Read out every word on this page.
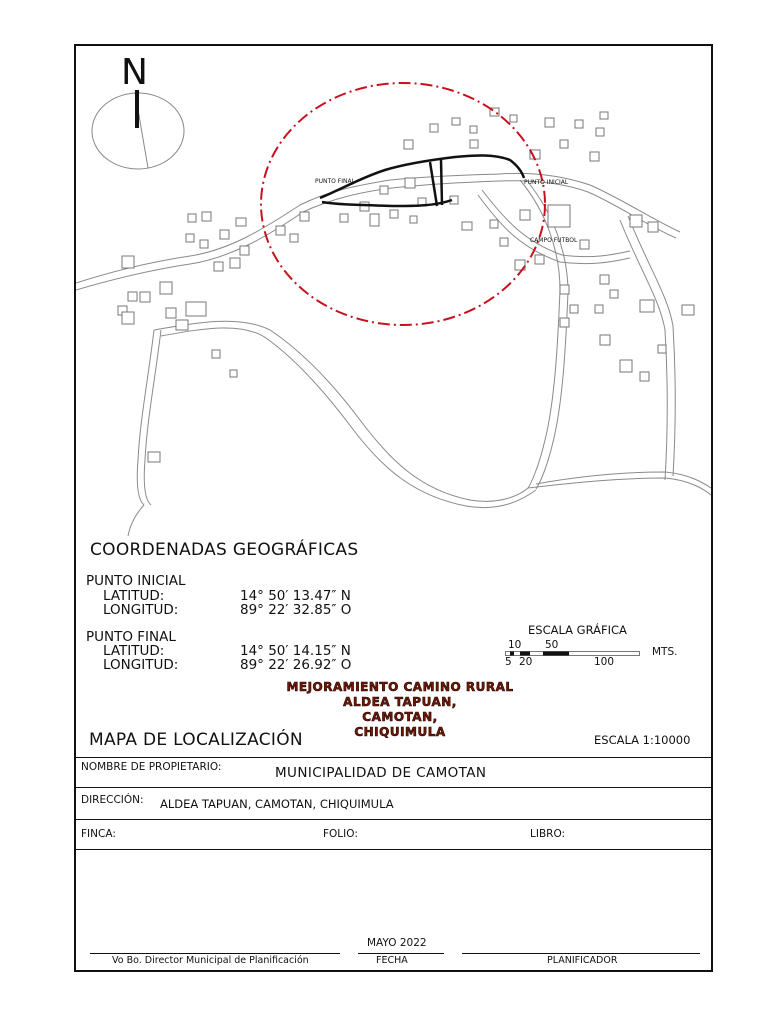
N
PUNTO FINAL	PUNTO INICIAL
CAMPO FUTBOL
COORDENADAS GEOGRÁFICAS
PUNTO INICIAL
LATITUD:	14° 50′ 13.47″ N
LONGITUD:	89° 22′ 32.85″ O
PUNTO FINAL
LATITUD:	14° 50′ 14.15″ N
LONGITUD:	89° 22′ 26.92″ O
ESCALA GRÁFICA
10 50
MTS.
5 20	100
MEJORAMIENTO CAMINO RURAL
ALDEA TAPUAN,
CAMOTAN,
CHIQUIMULA
MAPA DE LOCALIZACIÓN	ESCALA 1:10000
NOMBRE DE PROPIETARIO:	MUNICIPALIDAD DE CAMOTAN
DIRECCIÓN: ALDEA TAPUAN, CAMOTAN, CHIQUIMULA
FINCA:	FOLIO:	LIBRO:
MAYO 2022
Vo Bo. Director Municipal de Planificación	FECHA	PLANIFICADOR
